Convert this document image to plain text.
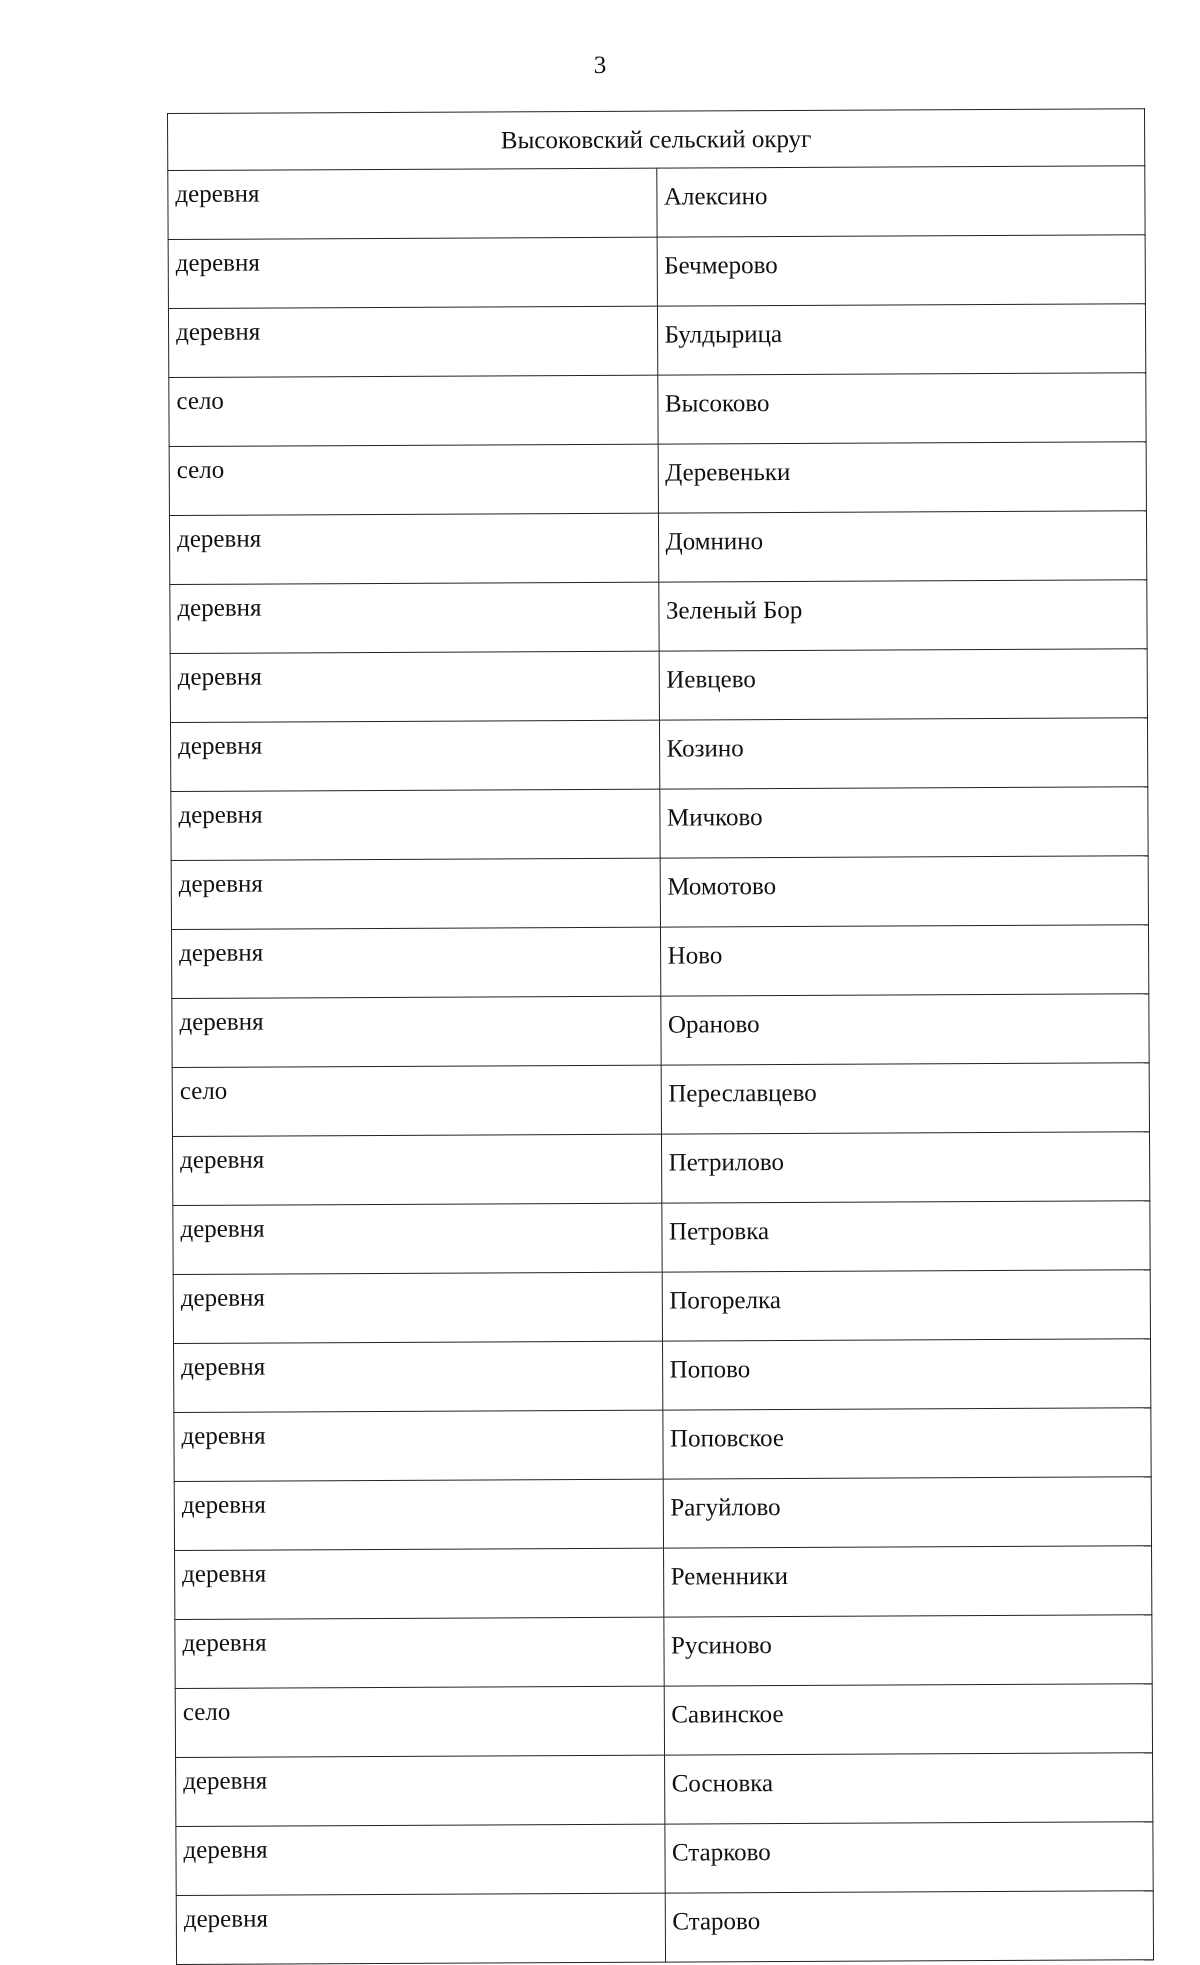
3
Высоковский сельский округ	
деревня	Алексино
деревня	Бечмерово
деревня	Булдырица
село	Высоково
село	Деревеньки
деревня	Домнино
деревня	Зеленый Бор
деревня	Иевцево
деревня	Козино
деревня	Мичково
деревня	Момотово
деревня	Ново
деревня	Ораново
село	Переславцево
деревня	Петрилово
деревня	Петровка
деревня	Погорелка
деревня	Попово
деревня	Поповское
деревня	Рагуйлово
деревня	Ременники
деревня	Русиново
село	Савинское
деревня	Сосновка
деревня	Старково
деревня	Старово
